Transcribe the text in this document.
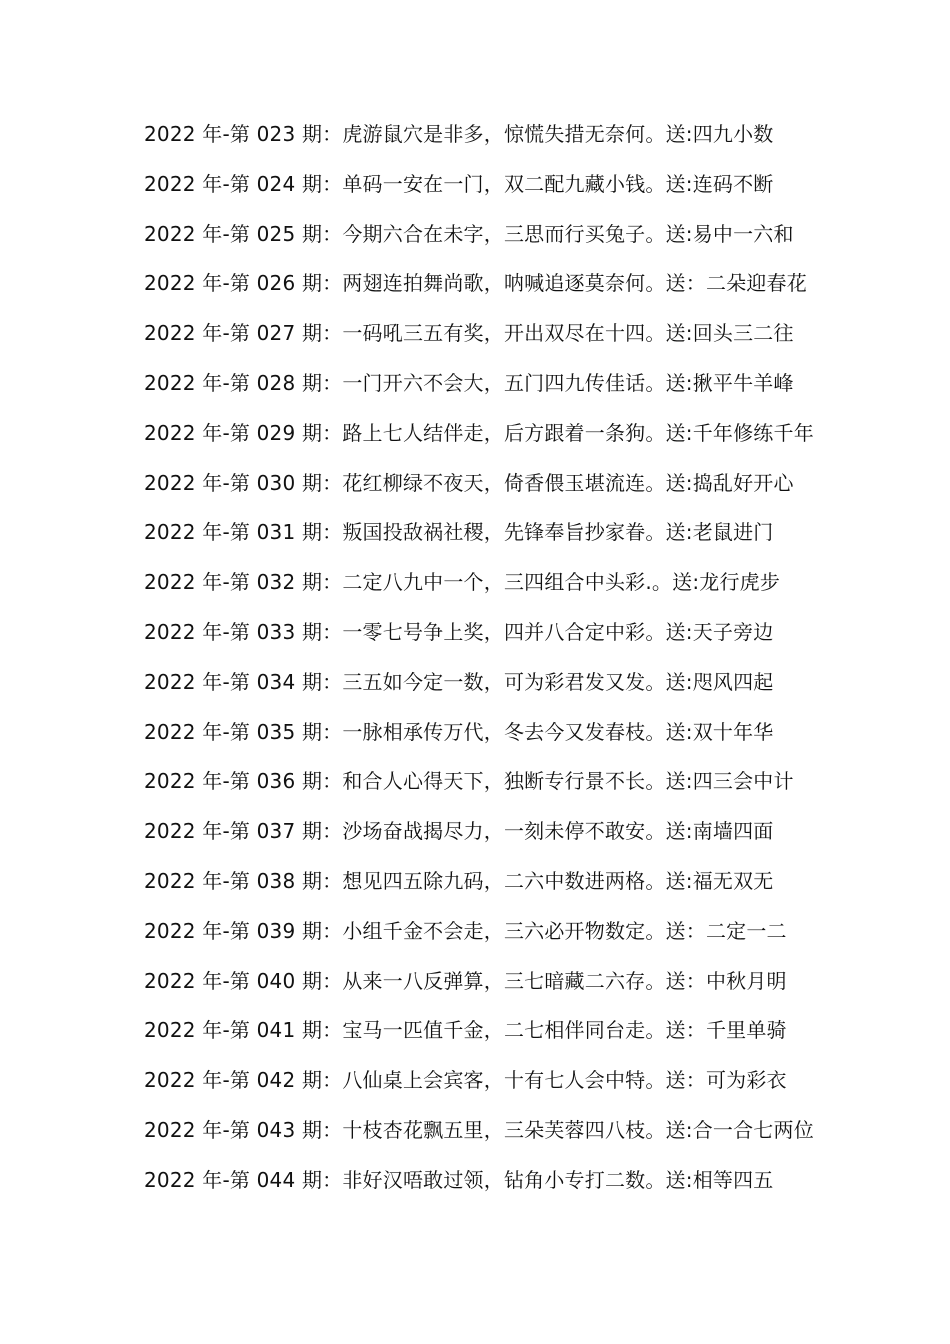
2022 年-第 023 期：虎游鼠穴是非多，惊慌失措无奈何。送:四九小数
2022 年-第 024 期：单码一安在一门，双二配九藏小钱。送:连码不断
2022 年-第 025 期：今期六合在未字，三思而行买兔子。送:易中一六和
2022 年-第 026 期：两翅连拍舞尚歌，呐喊追逐莫奈何。送：二朵迎春花
2022 年-第 027 期：一码吼三五有奖，开出双尽在十四。送:回头三二往
2022 年-第 028 期：一门开六不会大，五门四九传佳话。送:揪平牛羊峰
2022 年-第 029 期：路上七人结伴走，后方跟着一条狗。送:千年修练千年
2022 年-第 030 期：花红柳绿不夜天，倚香偎玉堪流连。送:捣乱好开心
2022 年-第 031 期：叛国投敌祸社稷，先锋奉旨抄家眷。送:老鼠进门
2022 年-第 032 期：二定八九中一个，三四组合中头彩.。送:龙行虎步
2022 年-第 033 期：一零七号争上奖，四并八合定中彩。送:天子旁边
2022 年-第 034 期：三五如今定一数，可为彩君发又发。送:咫风四起
2022 年-第 035 期：一脉相承传万代，冬去今又发春枝。送:双十年华
2022 年-第 036 期：和合人心得天下，独断专行景不长。送:四三会中计
2022 年-第 037 期：沙场奋战揭尽力，一刻未停不敢安。送:南墙四面
2022 年-第 038 期：想见四五除九码，二六中数进两格。送:福无双无
2022 年-第 039 期：小组千金不会走，三六必开物数定。送：二定一二
2022 年-第 040 期：从来一八反弹算，三七暗藏二六存。送：中秋月明
2022 年-第 041 期：宝马一匹值千金，二七相伴同台走。送：千里单骑
2022 年-第 042 期：八仙桌上会宾客，十有七人会中特。送：可为彩衣
2022 年-第 043 期：十枝杏花飘五里，三朵芙蓉四八枝。送:合一合七两位
2022 年-第 044 期：非好汉唔敢过领，钻角小专打二数。送:相等四五
